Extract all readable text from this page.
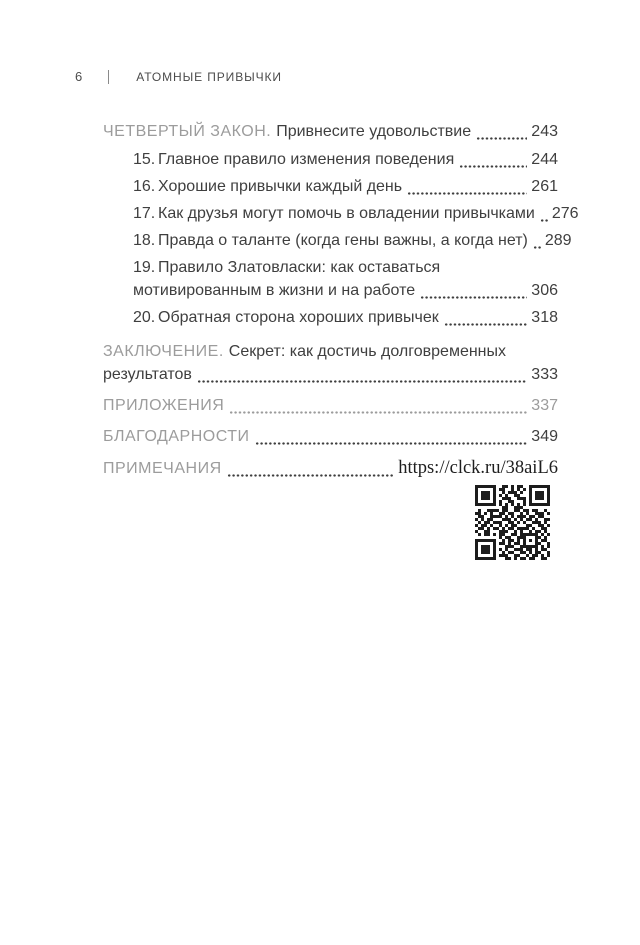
6	АТОМНЫЕ ПРИВЫЧКИ
ЧЕТВЕРТЫЙ ЗАКОН. Привнесите удовольствие	243
15. Главное правило изменения поведения	244
16. Хорошие привычки каждый день	261
17. Как друзья могут помочь в овладении привычками 276
18. Правда о таланте (когда гены важны, а когда нет) 289
19. Правило Златовласки: как оставаться
мотивированным в жизни и на работе	306
20. Обратная сторона хороших привычек	318
ЗАКЛЮЧЕНИЕ. Секрет: как достичь долговременных
результатов	333
ПРИЛОЖЕНИЯ	337
БЛАГОДАРНОСТИ	349
ПРИМЕЧАНИЯ	https://clck.ru/38aiL6
